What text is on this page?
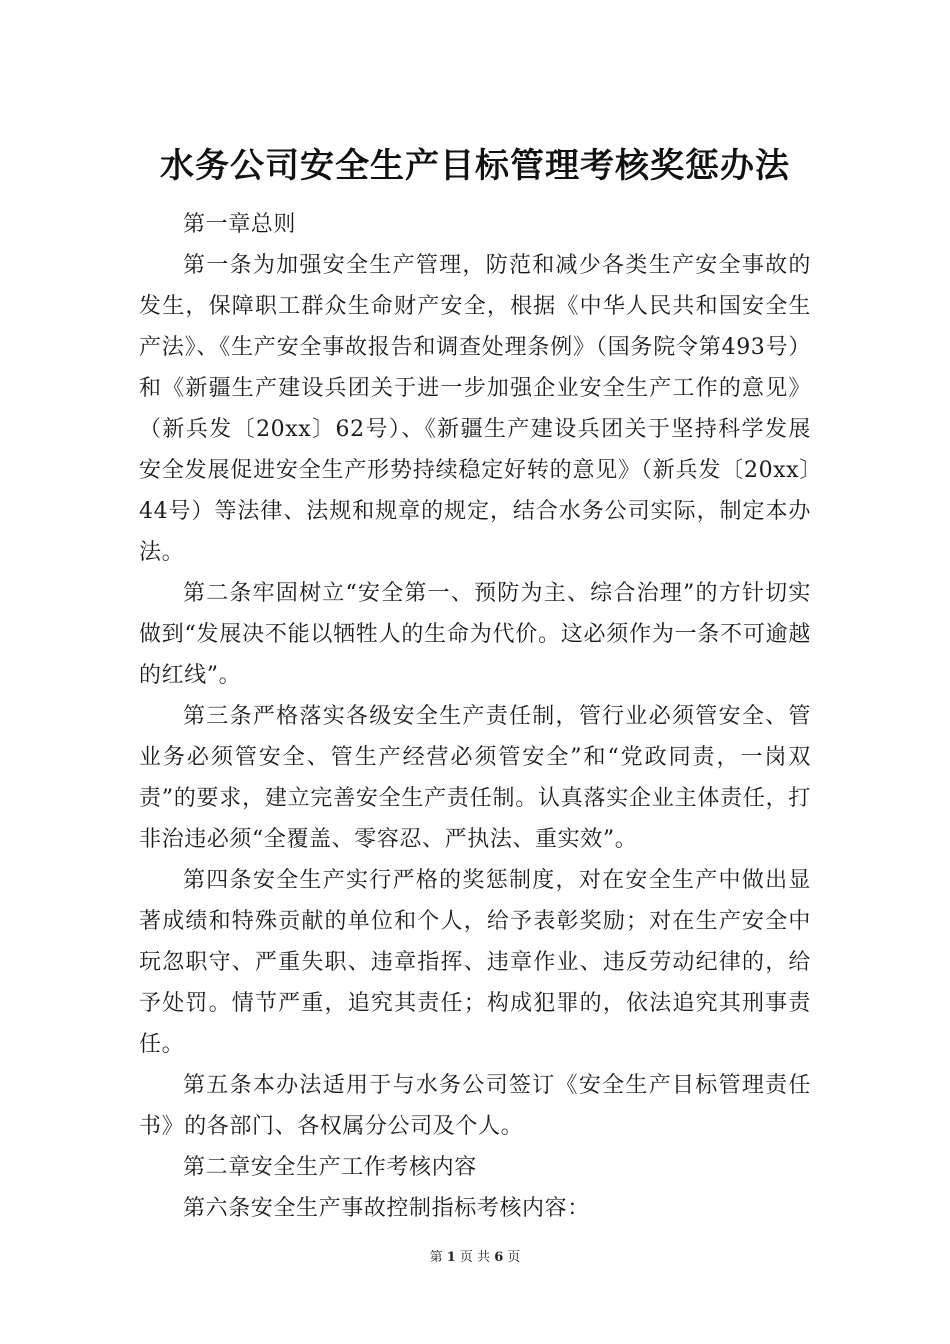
水务公司安全生产目标管理考核奖惩办法

第一章总则

第一条为加强安全生产管理，防范和减少各类生产安全事故的发生，保障职工群众生命财产安全，根据《中华人民共和国安全生产法》、《生产安全事故报告和调查处理条例》（国务院令第493号）和《新疆生产建设兵团关于进一步加强企业安全生产工作的意见》（新兵发〔20xx〕62号）、《新疆生产建设兵团关于坚持科学发展安全发展促进安全生产形势持续稳定好转的意见》（新兵发〔20xx〕44号）等法律、法规和规章的规定，结合水务公司实际，制定本办法。

第二条牢固树立“安全第一、预防为主、综合治理”的方针切实做到“发展决不能以牺牲人的生命为代价。这必须作为一条不可逾越的红线”。

第三条严格落实各级安全生产责任制，管行业必须管安全、管业务必须管安全、管生产经营必须管安全”和“党政同责，一岗双责”的要求，建立完善安全生产责任制。认真落实企业主体责任，打非治违必须“全覆盖、零容忍、严执法、重实效”。

第四条安全生产实行严格的奖惩制度，对在安全生产中做出显著成绩和特殊贡献的单位和个人，给予表彰奖励；对在生产安全中玩忽职守、严重失职、违章指挥、违章作业、违反劳动纪律的，给予处罚。情节严重，追究其责任；构成犯罪的，依法追究其刑事责任。

第五条本办法适用于与水务公司签订《安全生产目标管理责任书》的各部门、各权属分公司及个人。

第二章安全生产工作考核内容

第六条安全生产事故控制指标考核内容：

第 1 页 共 6 页
